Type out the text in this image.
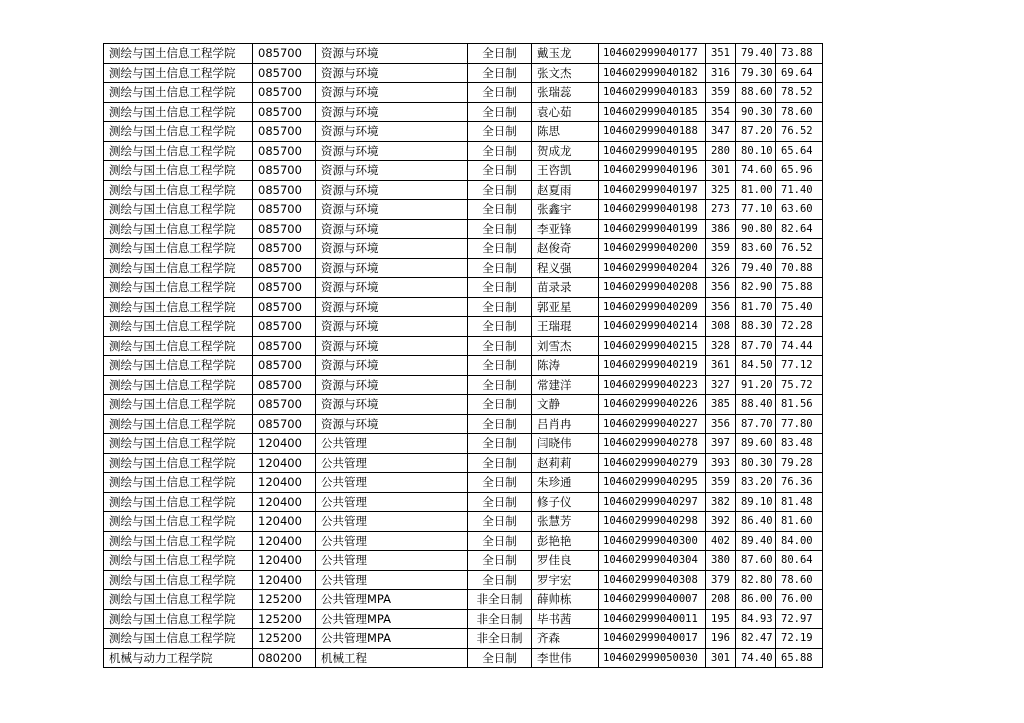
测绘与国土信息工程学院	085700	资源与环境	全日制	戴玉龙	104602999040177	351	79.40	73.88
测绘与国土信息工程学院	085700	资源与环境	全日制	张文杰	104602999040182	316	79.30	69.64
测绘与国土信息工程学院	085700	资源与环境	全日制	张瑞蕊	104602999040183	359	88.60	78.52
测绘与国土信息工程学院	085700	资源与环境	全日制	袁心茹	104602999040185	354	90.30	78.60
测绘与国土信息工程学院	085700	资源与环境	全日制	陈思	104602999040188	347	87.20	76.52
测绘与国土信息工程学院	085700	资源与环境	全日制	贺成龙	104602999040195	280	80.10	65.64
测绘与国土信息工程学院	085700	资源与环境	全日制	王咨凯	104602999040196	301	74.60	65.96
测绘与国土信息工程学院	085700	资源与环境	全日制	赵夏雨	104602999040197	325	81.00	71.40
测绘与国土信息工程学院	085700	资源与环境	全日制	张鑫宇	104602999040198	273	77.10	63.60
测绘与国土信息工程学院	085700	资源与环境	全日制	李亚锋	104602999040199	386	90.80	82.64
测绘与国土信息工程学院	085700	资源与环境	全日制	赵俊奇	104602999040200	359	83.60	76.52
测绘与国土信息工程学院	085700	资源与环境	全日制	程义强	104602999040204	326	79.40	70.88
测绘与国土信息工程学院	085700	资源与环境	全日制	苗录录	104602999040208	356	82.90	75.88
测绘与国土信息工程学院	085700	资源与环境	全日制	郭亚星	104602999040209	356	81.70	75.40
测绘与国土信息工程学院	085700	资源与环境	全日制	王瑞琨	104602999040214	308	88.30	72.28
测绘与国土信息工程学院	085700	资源与环境	全日制	刘雪杰	104602999040215	328	87.70	74.44
测绘与国土信息工程学院	085700	资源与环境	全日制	陈涛	104602999040219	361	84.50	77.12
测绘与国土信息工程学院	085700	资源与环境	全日制	常建洋	104602999040223	327	91.20	75.72
测绘与国土信息工程学院	085700	资源与环境	全日制	文静	104602999040226	385	88.40	81.56
测绘与国土信息工程学院	085700	资源与环境	全日制	吕肖冉	104602999040227	356	87.70	77.80
测绘与国土信息工程学院	120400	公共管理	全日制	闫晓伟	104602999040278	397	89.60	83.48
测绘与国土信息工程学院	120400	公共管理	全日制	赵莉莉	104602999040279	393	80.30	79.28
测绘与国土信息工程学院	120400	公共管理	全日制	朱珍通	104602999040295	359	83.20	76.36
测绘与国土信息工程学院	120400	公共管理	全日制	修子仪	104602999040297	382	89.10	81.48
测绘与国土信息工程学院	120400	公共管理	全日制	张慧芳	104602999040298	392	86.40	81.60
测绘与国土信息工程学院	120400	公共管理	全日制	彭艳艳	104602999040300	402	89.40	84.00
测绘与国土信息工程学院	120400	公共管理	全日制	罗佳良	104602999040304	380	87.60	80.64
测绘与国土信息工程学院	120400	公共管理	全日制	罗宇宏	104602999040308	379	82.80	78.60
测绘与国土信息工程学院	125200	公共管理MPA	非全日制	薛帅栋	104602999040007	208	86.00	76.00
测绘与国土信息工程学院	125200	公共管理MPA	非全日制	毕书茜	104602999040011	195	84.93	72.97
测绘与国土信息工程学院	125200	公共管理MPA	非全日制	齐森	104602999040017	196	82.47	72.19
机械与动力工程学院	080200	机械工程	全日制	李世伟	104602999050030	301	74.40	65.88
